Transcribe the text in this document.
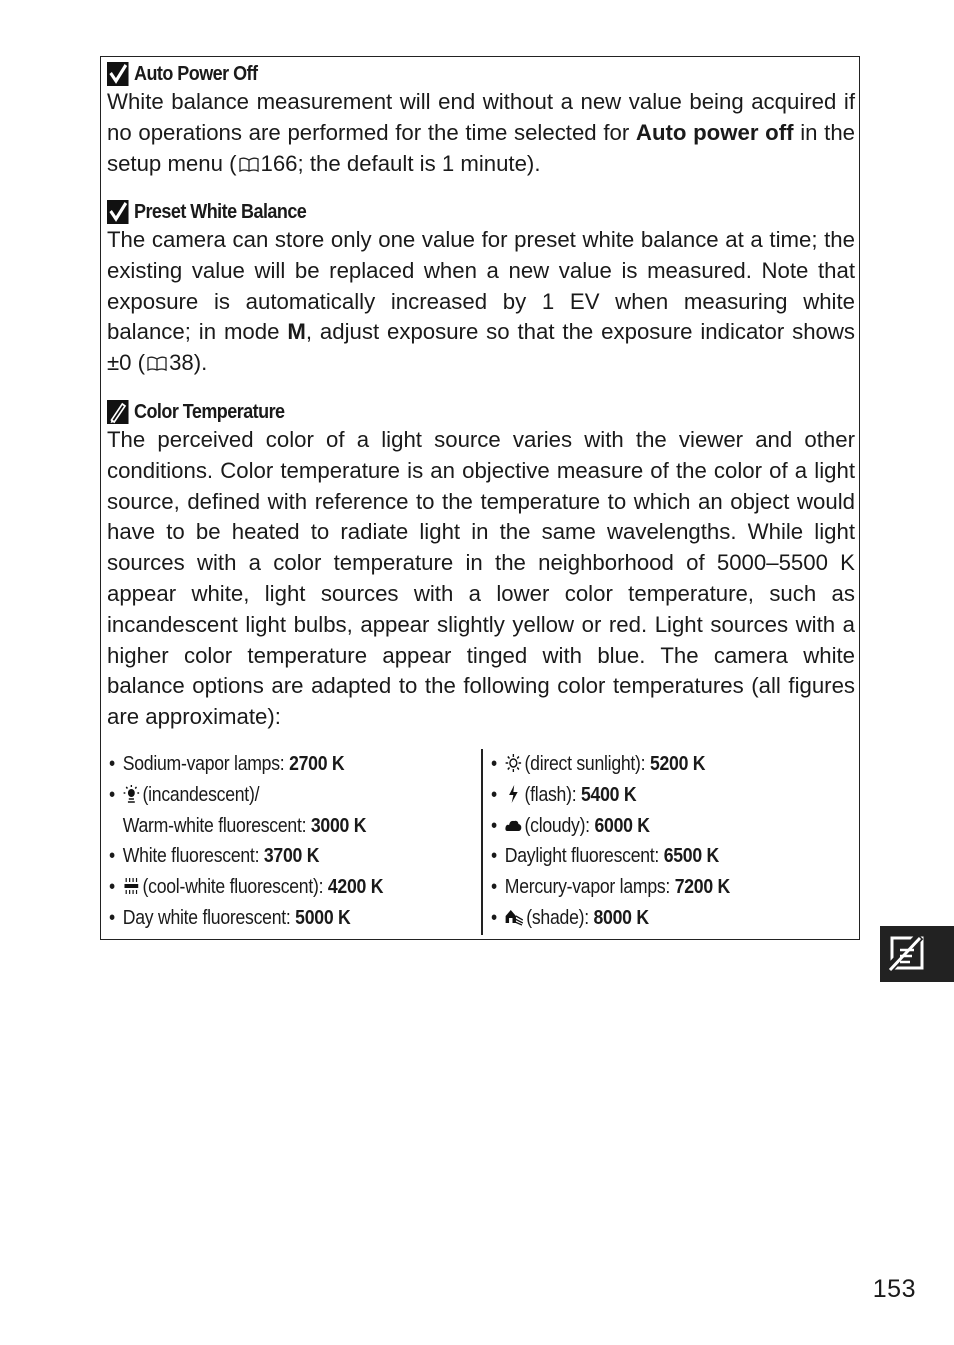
Auto Power Off

White balance measurement will end without a new value being acquired if no operations are performed for the time selected for Auto power off in the setup menu ( 166; the default is 1 minute).

Preset White Balance

The camera can store only one value for preset white balance at a time; the existing value will be replaced when a new value is measured. Note that exposure is automatically increased by 1 EV when measuring white balance; in mode M, adjust exposure so that the exposure indicator shows ±0 ( 38).

Color Temperature

The perceived color of a light source varies with the viewer and other conditions. Color temperature is an objective measure of the color of a light source, defined with reference to the temperature to which an object would have to be heated to radiate light in the same wavelengths. While light sources with a color temperature in the neighborhood of 5000–5500 K appear white, light sources with a lower color temperature, such as incandescent light bulbs, appear slightly yellow or red. Light sources with a higher color temperature appear tinged with blue. The camera white balance options are adapted to the following color temperatures (all figures are approximate):

• Sodium-vapor lamps: 2700 K
• (incandescent)/
Warm-white fluorescent: 3000 K
• White fluorescent: 3700 K
• (cool-white fluorescent): 4200 K
• Day white fluorescent: 5000 K
• (direct sunlight): 5200 K
• (flash): 5400 K
• (cloudy): 6000 K
• Daylight fluorescent: 6500 K
• Mercury-vapor lamps: 7200 K
• (shade): 8000 K
153
